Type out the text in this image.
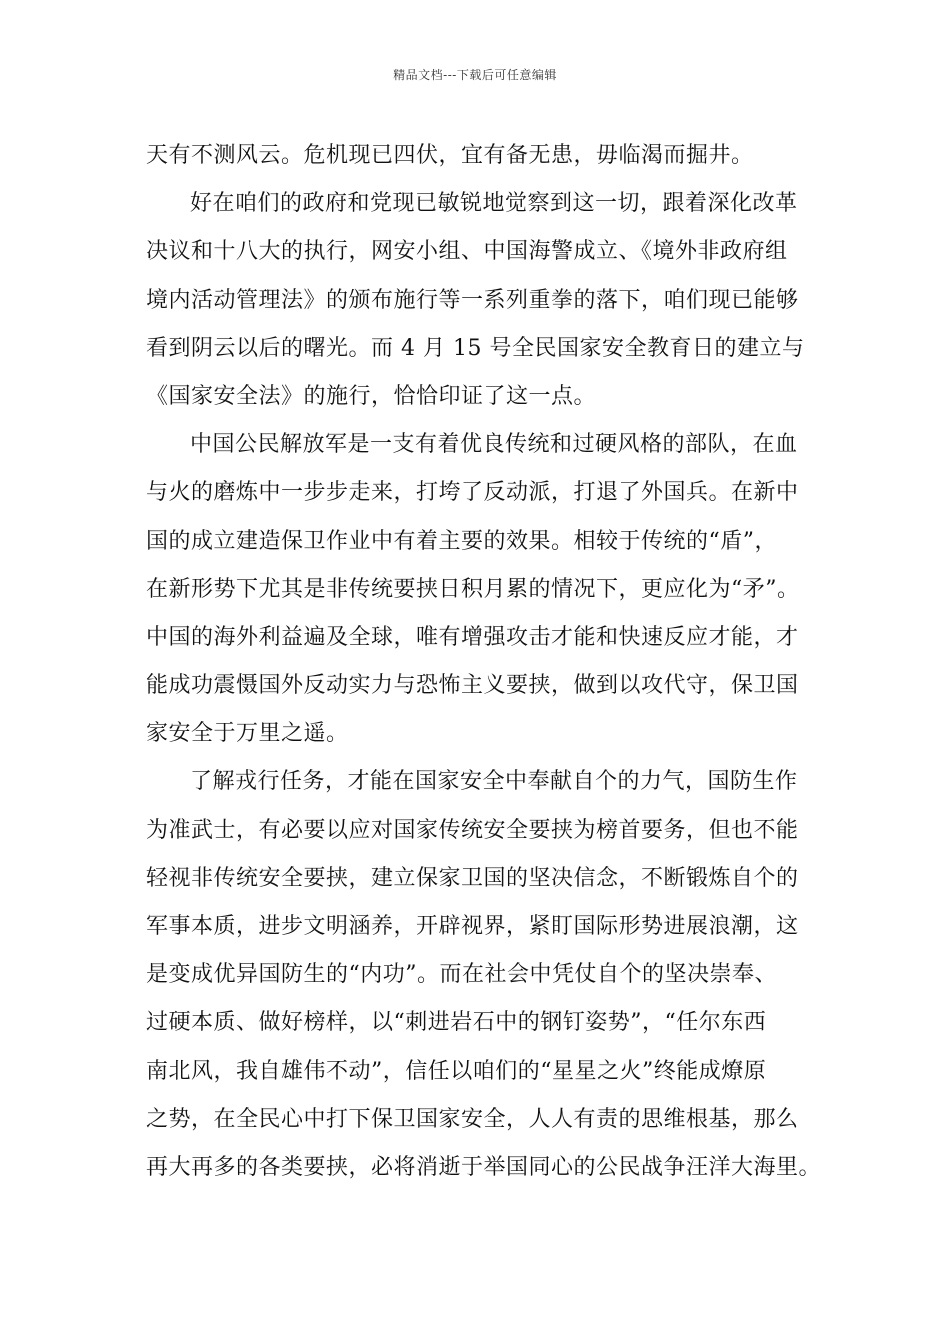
精品文档---下载后可任意编辑
天有不测风云。危机现已四伏，宜有备无患，毋临渴而掘井。
好在咱们的政府和党现已敏锐地觉察到这一切，跟着深化改革
决议和十八大的执行，网安小组、中国海警成立、《境外非政府组
境内活动管理法》的颁布施行等一系列重拳的落下，咱们现已能够
看到阴云以后的曙光。而 4 月 15 号全民国家安全教育日的建立与
《国家安全法》的施行，恰恰印证了这一点。
中国公民解放军是一支有着优良传统和过硬风格的部队，在血
与火的磨炼中一步步走来，打垮了反动派，打退了外国兵。在新中
国的成立建造保卫作业中有着主要的效果。相较于传统的“盾”，
在新形势下尤其是非传统要挟日积月累的情况下，更应化为“矛”。
中国的海外利益遍及全球，唯有增强攻击才能和快速反应才能，才
能成功震慑国外反动实力与恐怖主义要挟，做到以攻代守，保卫国
家安全于万里之遥。
了解戎行任务，才能在国家安全中奉献自个的力气，国防生作
为准武士，有必要以应对国家传统安全要挟为榜首要务，但也不能
轻视非传统安全要挟，建立保家卫国的坚决信念，不断锻炼自个的
军事本质，进步文明涵养，开辟视界，紧盯国际形势进展浪潮，这
是变成优异国防生的“内功”。而在社会中凭仗自个的坚决崇奉、
过硬本质、做好榜样，以“刺进岩石中的钢钉姿势”，“任尔东西
南北风，我自雄伟不动”，信任以咱们的“星星之火”终能成燎原
之势，在全民心中打下保卫国家安全，人人有责的思维根基，那么
再大再多的各类要挟，必将消逝于举国同心的公民战争汪洋大海里。
